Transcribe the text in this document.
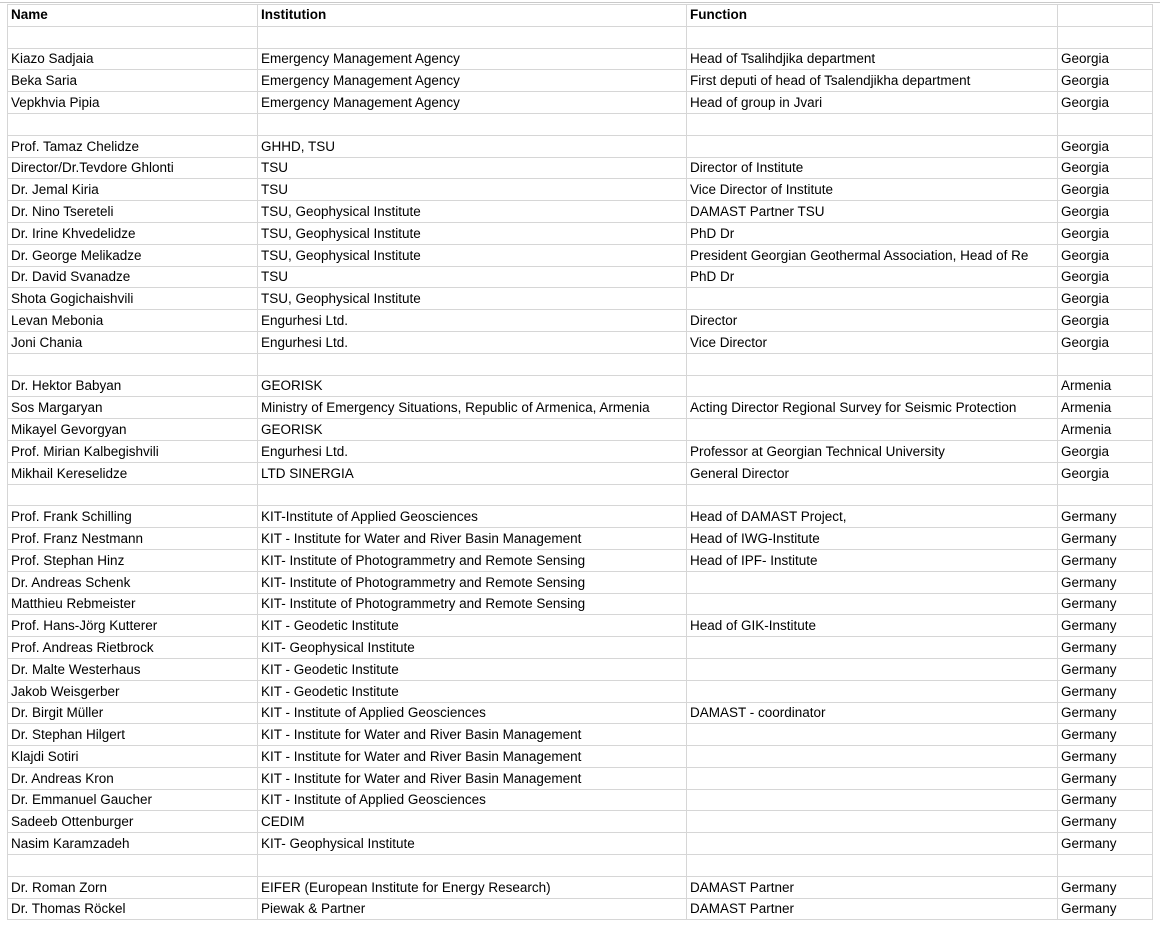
Name	Institution	Function	

Kiazo Sadjaia	Emergency Management Agency	Head of Tsalihdjika department	Georgia
Beka Saria	Emergency Management Agency	First deputi of head of Tsalendjikha department	Georgia
Vepkhvia Pipia	Emergency Management Agency	Head of group in Jvari	Georgia

Prof. Tamaz Chelidze	GHHD, TSU		Georgia
Director/Dr.Tevdore Ghlonti	TSU	Director of Institute	Georgia
Dr. Jemal Kiria	TSU	Vice Director of Institute	Georgia
Dr. Nino Tsereteli	TSU, Geophysical Institute	DAMAST Partner TSU	Georgia
Dr. Irine Khvedelidze	TSU, Geophysical Institute	PhD Dr	Georgia
Dr. George Melikadze	TSU, Geophysical Institute	President Georgian Geothermal Association, Head of Re	Georgia
Dr. David Svanadze	TSU	PhD Dr	Georgia
Shota Gogichaishvili	TSU, Geophysical Institute		Georgia
Levan Mebonia	Engurhesi Ltd.	Director	Georgia
Joni Chania	Engurhesi Ltd.	Vice Director	Georgia

Dr. Hektor Babyan	GEORISK		Armenia
Sos Margaryan	Ministry of Emergency Situations, Republic of Armenica, Armenia	Acting Director Regional Survey for Seismic Protection	Armenia
Mikayel Gevorgyan	GEORISK		Armenia
Prof. Mirian Kalbegishvili	Engurhesi Ltd.	Professor at Georgian Technical University	Georgia
Mikhail Kereselidze	LTD SINERGIA	General Director	Georgia

Prof. Frank Schilling	KIT-Institute of Applied Geosciences	Head of DAMAST Project,	Germany
Prof. Franz Nestmann	KIT - Institute for Water and River Basin Management	Head of IWG-Institute	Germany
Prof. Stephan Hinz	KIT- Institute of Photogrammetry and Remote Sensing	Head of IPF- Institute	Germany
Dr. Andreas Schenk	KIT- Institute of Photogrammetry and Remote Sensing		Germany
Matthieu Rebmeister	KIT- Institute of Photogrammetry and Remote Sensing		Germany
Prof. Hans-Jörg Kutterer	KIT - Geodetic Institute	Head of GIK-Institute	Germany
Prof. Andreas Rietbrock	KIT- Geophysical Institute		Germany
Dr. Malte Westerhaus	KIT - Geodetic Institute		Germany
Jakob Weisgerber	KIT - Geodetic Institute		Germany
Dr. Birgit Müller	KIT - Institute of Applied Geosciences	DAMAST - coordinator	Germany
Dr. Stephan Hilgert	KIT - Institute for Water and River Basin Management		Germany
Klajdi Sotiri	KIT - Institute for Water and River Basin Management		Germany
Dr. Andreas Kron	KIT - Institute for Water and River Basin Management		Germany
Dr. Emmanuel Gaucher	KIT - Institute of Applied Geosciences		Germany
Sadeeb Ottenburger	CEDIM		Germany
Nasim Karamzadeh	KIT- Geophysical Institute		Germany

Dr. Roman Zorn	EIFER (European Institute for Energy Research)	DAMAST Partner	Germany
Dr. Thomas Röckel	Piewak & Partner	DAMAST Partner	Germany
